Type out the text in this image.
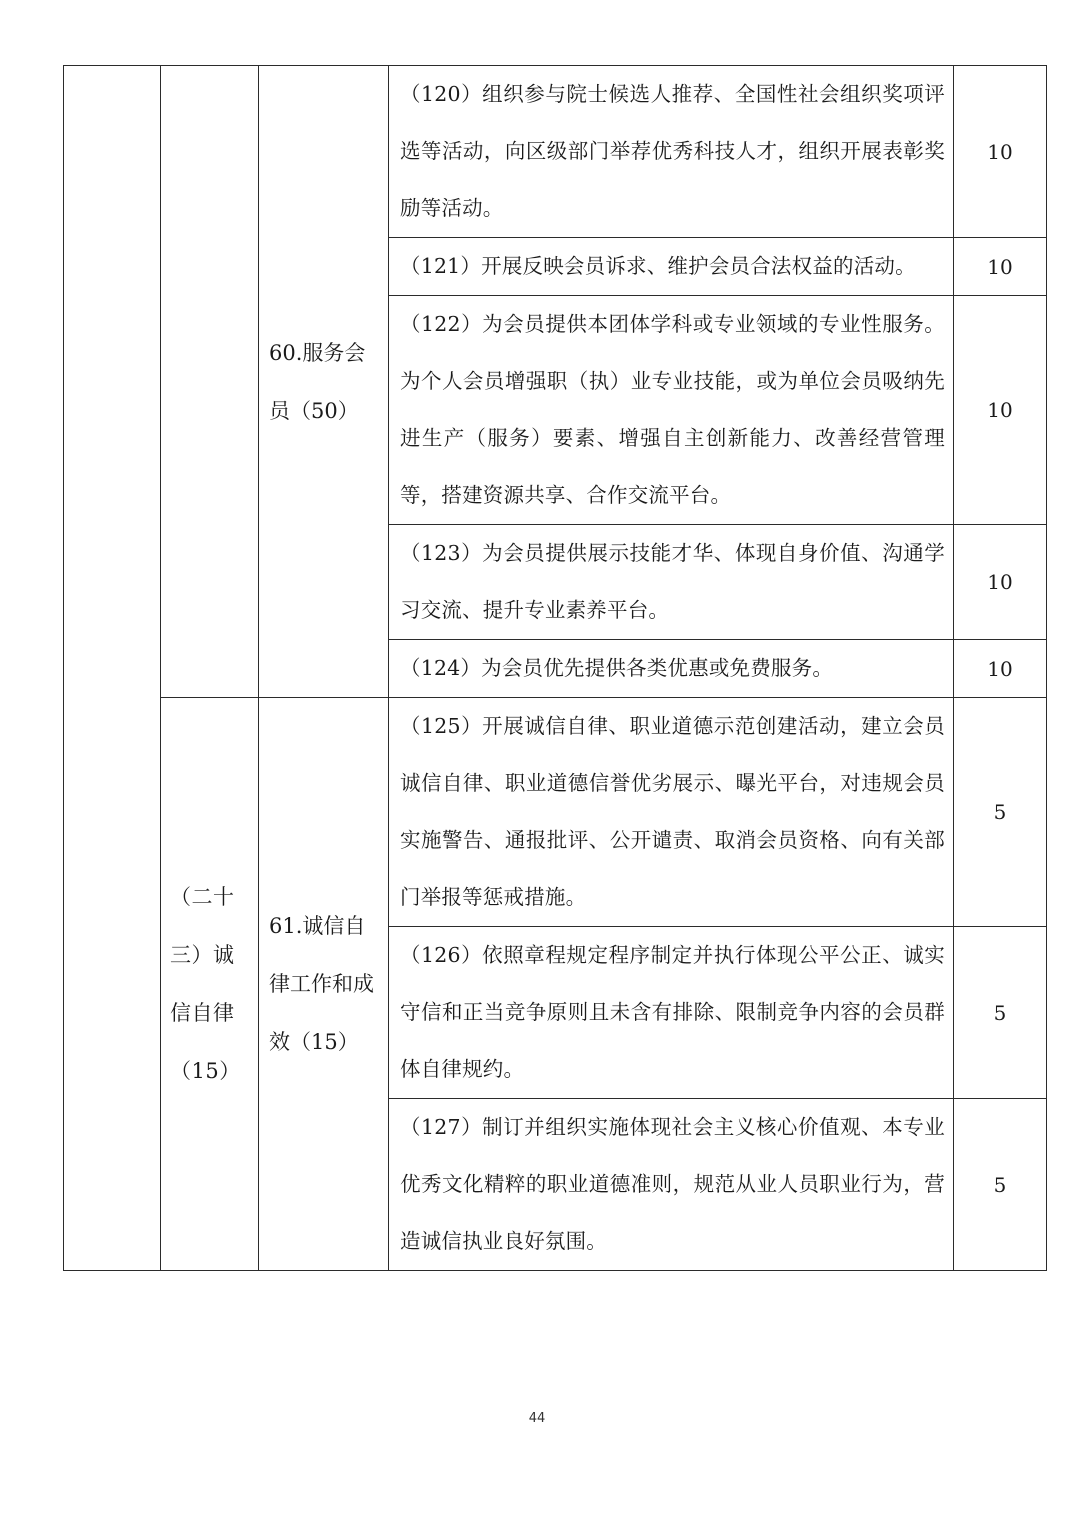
		60.服务会员（50）	（120）组织参与院士候选人推荐、全国性社会组织奖项评选等活动，向区级部门举荐优秀科技人才，组织开展表彰奖励等活动。	10
			（121）开展反映会员诉求、维护会员合法权益的活动。	10
			（122）为会员提供本团体学科或专业领域的专业性服务。为个人会员增强职（执）业专业技能，或为单位会员吸纳先进生产（服务）要素、增强自主创新能力、改善经营管理等，搭建资源共享、合作交流平台。	10
			（123）为会员提供展示技能才华、体现自身价值、沟通学习交流、提升专业素养平台。	10
			（124）为会员优先提供各类优惠或免费服务。	10
	（二十三）诚信自律（15）	61.诚信自律工作和成效（15）	（125）开展诚信自律、职业道德示范创建活动，建立会员诚信自律、职业道德信誉优劣展示、曝光平台，对违规会员实施警告、通报批评、公开谴责、取消会员资格、向有关部门举报等惩戒措施。	5
			（126）依照章程规定程序制定并执行体现公平公正、诚实守信和正当竞争原则且未含有排除、限制竞争内容的会员群体自律规约。	5
			（127）制订并组织实施体现社会主义核心价值观、本专业优秀文化精粹的职业道德准则，规范从业人员职业行为，营造诚信执业良好氛围。	5
44
